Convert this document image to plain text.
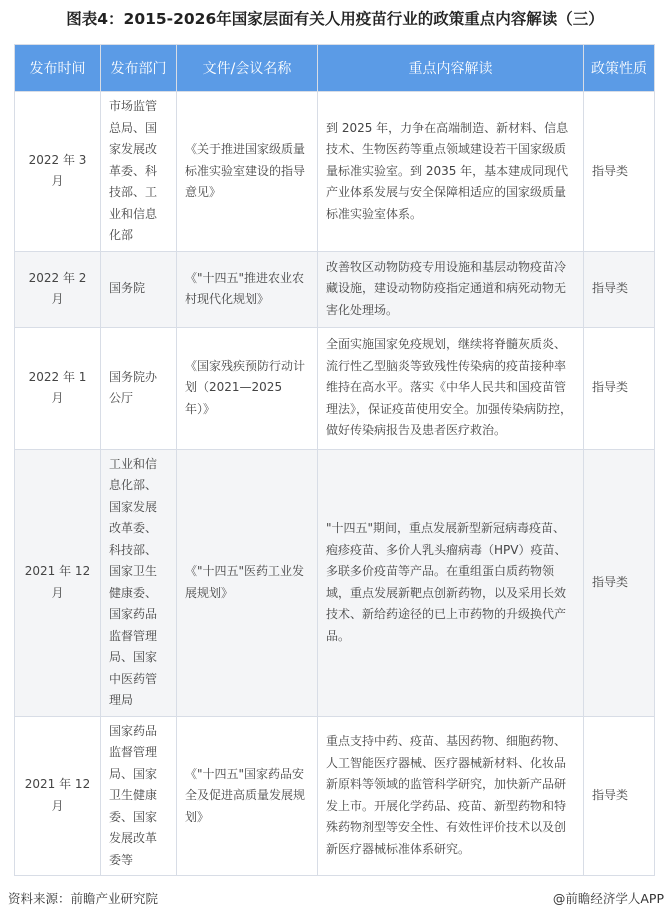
图表4：2015-2026年国家层面有关人用疫苗行业的政策重点内容解读（三）
发布时间	发布部门	文件/会议名称	重点内容解读	政策性质
2022 年 3 月	市场监管总局、国家发展改革委、科技部、工业和信息化部	《关于推进国家级质量标准实验室建设的指导意见》	到 2025 年，力争在高端制造、新材料、信息技术、生物医药等重点领域建设若干国家级质量标准实验室。到 2035 年，基本建成同现代产业体系发展与安全保障相适应的国家级质量标准实验室体系。	指导类
2022 年 2 月	国务院	《"十四五"推进农业农村现代化规划》	改善牧区动物防疫专用设施和基层动物疫苗冷藏设施，建设动物防疫指定通道和病死动物无害化处理场。	指导类
2022 年 1 月	国务院办公厅	《国家残疾预防行动计划（2021—2025 年）》	全面实施国家免疫规划，继续将脊髓灰质炎、流行性乙型脑炎等致残性传染病的疫苗接种率维持在高水平。落实《中华人民共和国疫苗管理法》，保证疫苗使用安全。加强传染病防控，做好传染病报告及患者医疗救治。	指导类
2021 年 12 月	工业和信息化部、国家发展改革委、科技部、国家卫生健康委、国家药品监督管理局、国家中医药管理局	《"十四五"医药工业发展规划》	"十四五"期间，重点发展新型新冠病毒疫苗、疱疹疫苗、多价人乳头瘤病毒（HPV）疫苗、多联多价疫苗等产品。在重组蛋白质药物领域，重点发展新靶点创新药物，以及采用长效技术、新给药途径的已上市药物的升级换代产品。	指导类
2021 年 12 月	国家药品监督管理局、国家卫生健康委、国家发展改革委等	《"十四五"国家药品安全及促进高质量发展规划》	重点支持中药、疫苗、基因药物、细胞药物、人工智能医疗器械、医疗器械新材料、化妆品新原料等领域的监管科学研究，加快新产品研发上市。开展化学药品、疫苗、新型药物和特殊药物剂型等安全性、有效性评价技术以及创新医疗器械标准体系研究。	指导类
资料来源：前瞻产业研究院	@前瞻经济学人APP
